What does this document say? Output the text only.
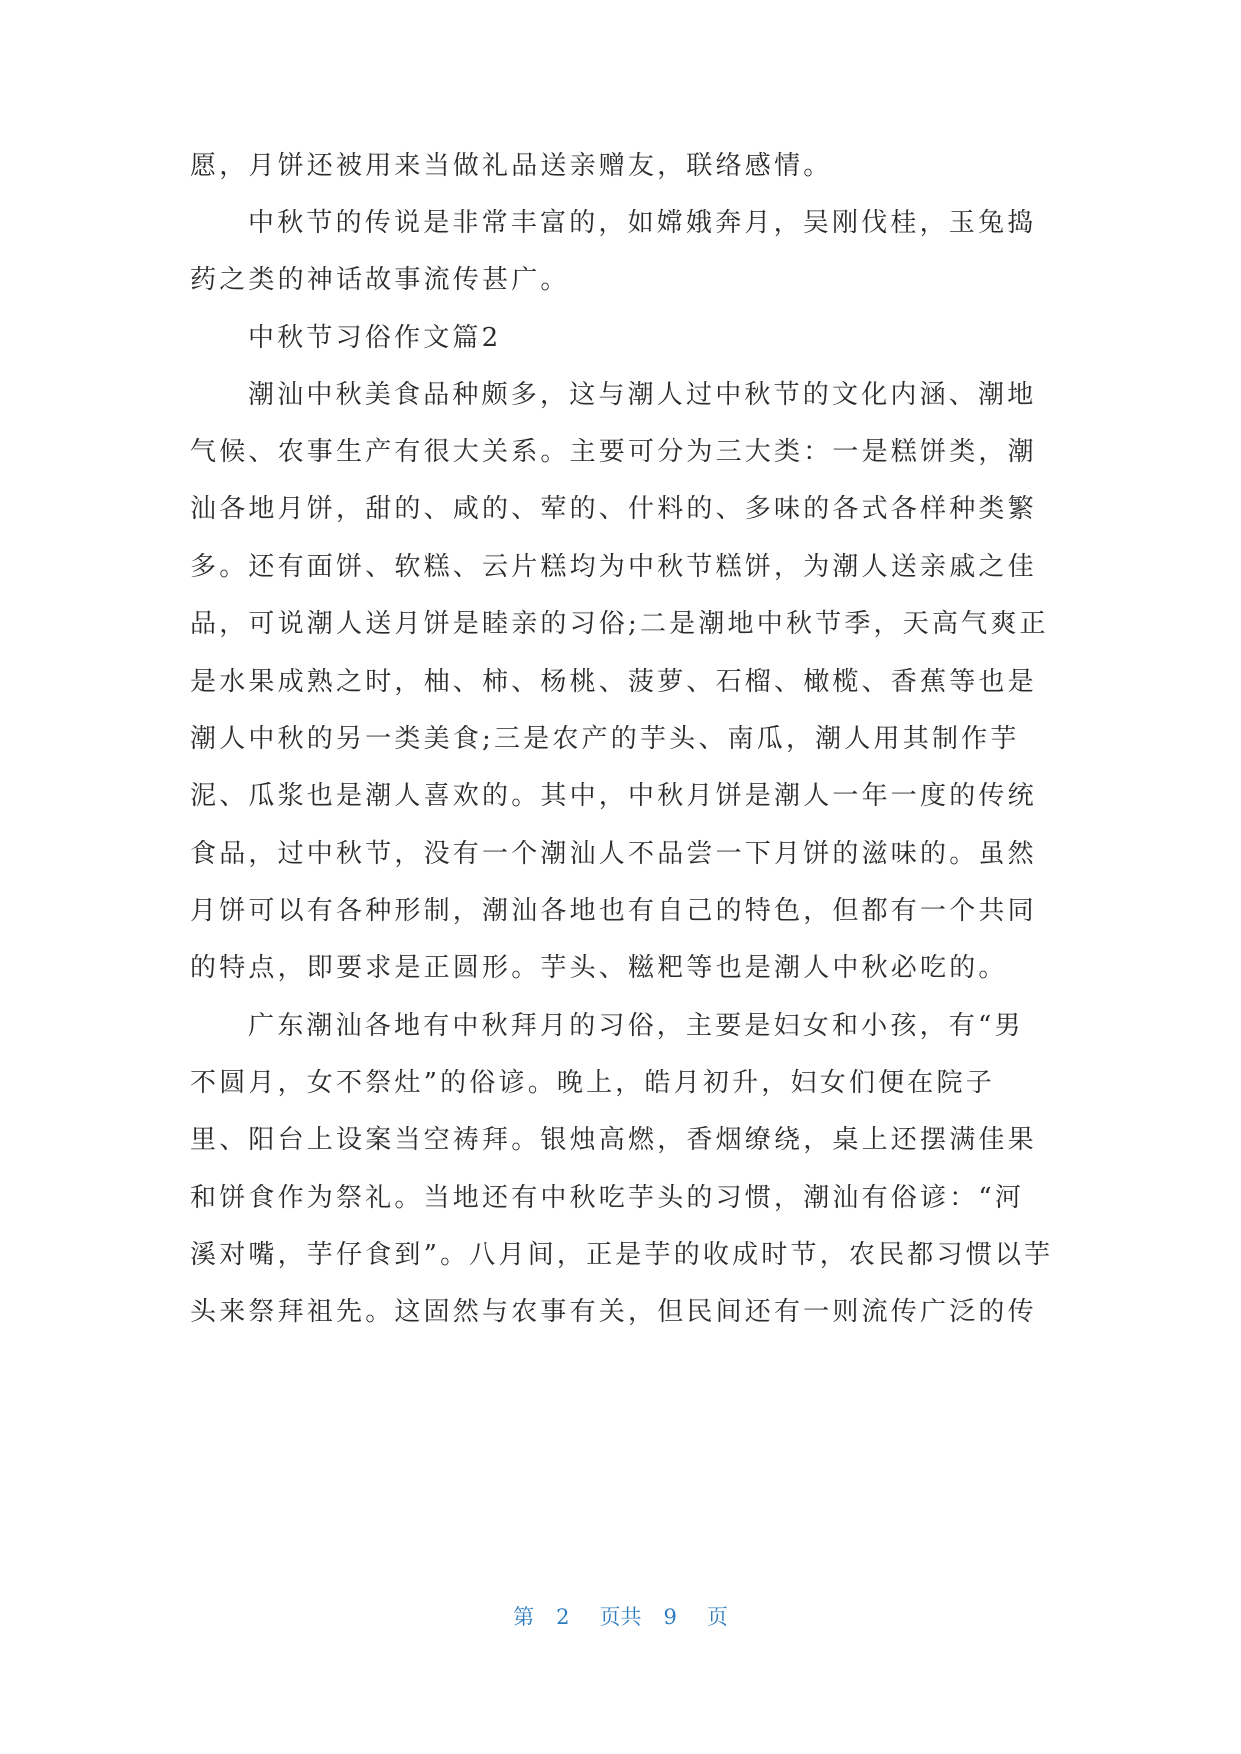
愿，月饼还被用来当做礼品送亲赠友，联络感情。
中秋节的传说是非常丰富的，如嫦娥奔月，吴刚伐桂，玉兔捣
药之类的神话故事流传甚广。
中秋节习俗作文篇2
潮汕中秋美食品种颇多，这与潮人过中秋节的文化内涵、潮地
气候、农事生产有很大关系。主要可分为三大类：一是糕饼类，潮
汕各地月饼，甜的、咸的、荤的、什料的、多味的各式各样种类繁
多。还有面饼、软糕、云片糕均为中秋节糕饼，为潮人送亲戚之佳
品，可说潮人送月饼是睦亲的习俗;二是潮地中秋节季，天高气爽正
是水果成熟之时，柚、柿、杨桃、菠萝、石榴、橄榄、香蕉等也是
潮人中秋的另一类美食;三是农产的芋头、南瓜，潮人用其制作芋
泥、瓜浆也是潮人喜欢的。其中，中秋月饼是潮人一年一度的传统
食品，过中秋节，没有一个潮汕人不品尝一下月饼的滋味的。虽然
月饼可以有各种形制，潮汕各地也有自己的特色，但都有一个共同
的特点，即要求是正圆形。芋头、糍粑等也是潮人中秋必吃的。
广东潮汕各地有中秋拜月的习俗，主要是妇女和小孩，有“男
不圆月，女不祭灶”的俗谚。晚上，皓月初升，妇女们便在院子
里、阳台上设案当空祷拜。银烛高燃，香烟缭绕，桌上还摆满佳果
和饼食作为祭礼。当地还有中秋吃芋头的习惯，潮汕有俗谚：“河
溪对嘴，芋仔食到”。八月间，正是芋的收成时节，农民都习惯以芋
头来祭拜祖先。这固然与农事有关，但民间还有一则流传广泛的传
第 2 页共 9 页
